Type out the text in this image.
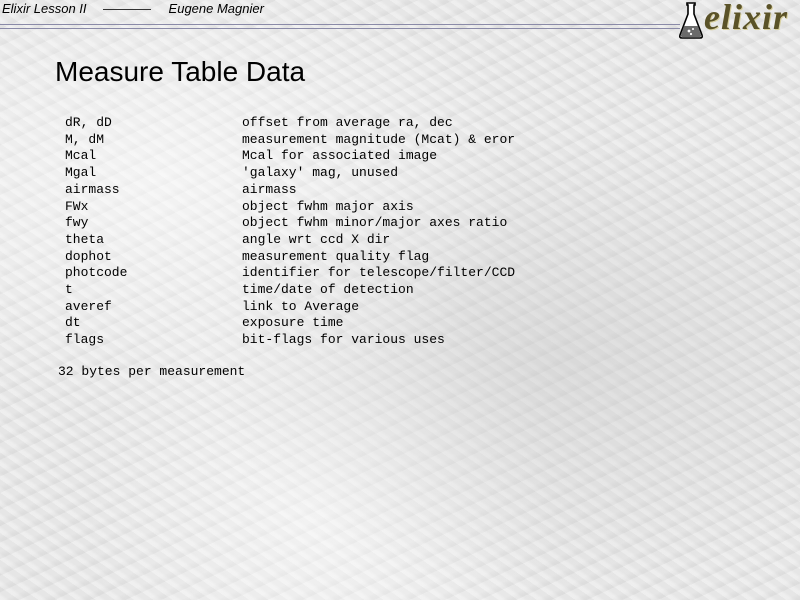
Elixir Lesson II	Eugene Magnier	elixir
Measure Table Data
dR, dD	offset from average ra, dec
M, dM	measurement magnitude (Mcat) & eror
Mcal	Mcal for associated image
Mgal	'galaxy' mag, unused
airmass	airmass
FWx	object fwhm major axis
fwy	object fwhm minor/major axes ratio
theta	angle wrt ccd X dir
dophot	measurement quality flag
photcode	identifier for telescope/filter/CCD
t	time/date of detection
averef	link to Average
dt	exposure time
flags	bit-flags for various uses
32 bytes per measurement
